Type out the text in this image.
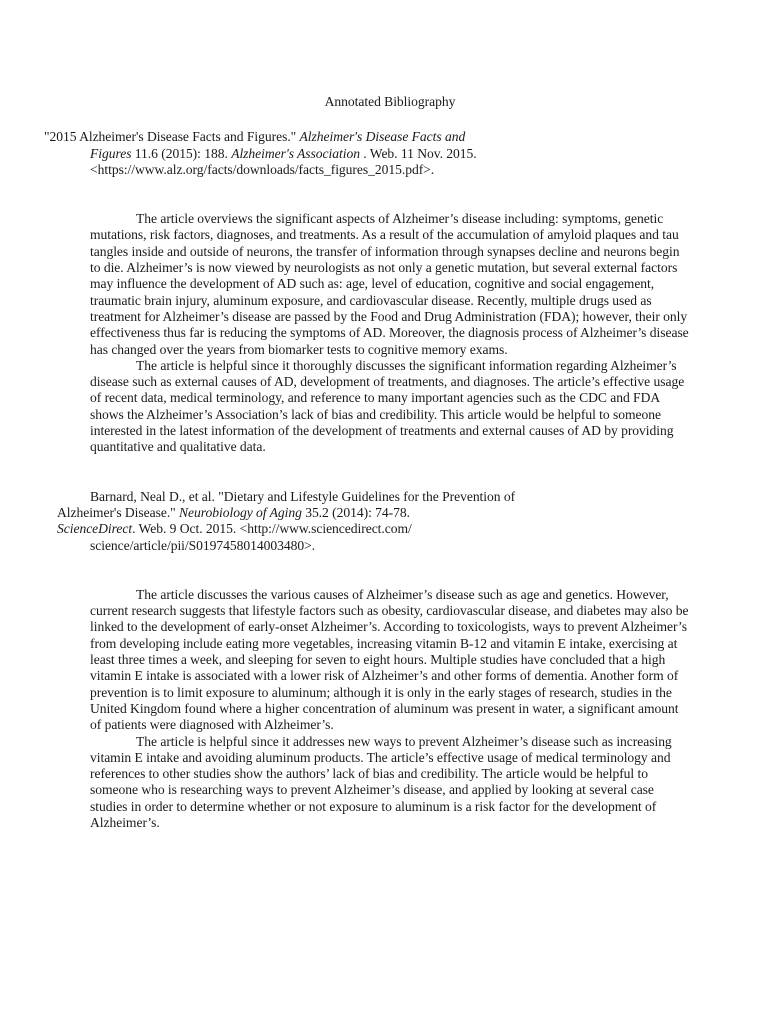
Annotated Bibliography
"2015 Alzheimer's Disease Facts and Figures." Alzheimer's Disease Facts and
Figures 11.6 (2015): 188. Alzheimer's Association . Web. 11 Nov. 2015.
<https://www.alz.org/facts/downloads/facts_figures_2015.pdf>.

The article overviews the significant aspects of Alzheimer’s disease including: symptoms, genetic mutations, risk factors, diagnoses, and treatments. As a result of the accumulation of amyloid plaques and tau tangles inside and outside of neurons, the transfer of information through synapses decline and neurons begin to die. Alzheimer’s is now viewed by neurologists as not only a genetic mutation, but several external factors may influence the development of AD such as: age, level of education, cognitive and social engagement, traumatic brain injury, aluminum exposure, and cardiovascular disease. Recently, multiple drugs used as treatment for Alzheimer’s disease are passed by the Food and Drug Administration (FDA); however, their only effectiveness thus far is reducing the symptoms of AD. Moreover, the diagnosis process of Alzheimer’s disease has changed over the years from biomarker tests to cognitive memory exams.

The article is helpful since it thoroughly discusses the significant information regarding Alzheimer’s disease such as external causes of AD, development of treatments, and diagnoses. The article’s effective usage of recent data, medical terminology, and reference to many important agencies such as the CDC and FDA shows the Alzheimer’s Association’s lack of bias and credibility. This article would be helpful to someone interested in the latest information of the development of treatments and external causes of AD by providing quantitative and qualitative data.

Barnard, Neal D., et al. "Dietary and Lifestyle Guidelines for the Prevention of
Alzheimer's Disease." Neurobiology of Aging 35.2 (2014): 74-78.
ScienceDirect. Web. 9 Oct. 2015. <http://www.sciencedirect.com/
science/article/pii/S0197458014003480>.

The article discusses the various causes of Alzheimer’s disease such as age and genetics. However, current research suggests that lifestyle factors such as obesity, cardiovascular disease, and diabetes may also be linked to the development of early-onset Alzheimer’s. According to toxicologists, ways to prevent Alzheimer’s from developing include eating more vegetables, increasing vitamin B-12 and vitamin E intake, exercising at least three times a week, and sleeping for seven to eight hours. Multiple studies have concluded that a high vitamin E intake is associated with a lower risk of Alzheimer’s and other forms of dementia. Another form of prevention is to limit exposure to aluminum; although it is only in the early stages of research, studies in the United Kingdom found where a higher concentration of aluminum was present in water, a significant amount of patients were diagnosed with Alzheimer’s.

The article is helpful since it addresses new ways to prevent Alzheimer’s disease such as increasing vitamin E intake and avoiding aluminum products. The article’s effective usage of medical terminology and references to other studies show the authors’ lack of bias and credibility. The article would be helpful to someone who is researching ways to prevent Alzheimer’s disease, and applied by looking at several case studies in order to determine whether or not exposure to aluminum is a risk factor for the development of Alzheimer’s.
